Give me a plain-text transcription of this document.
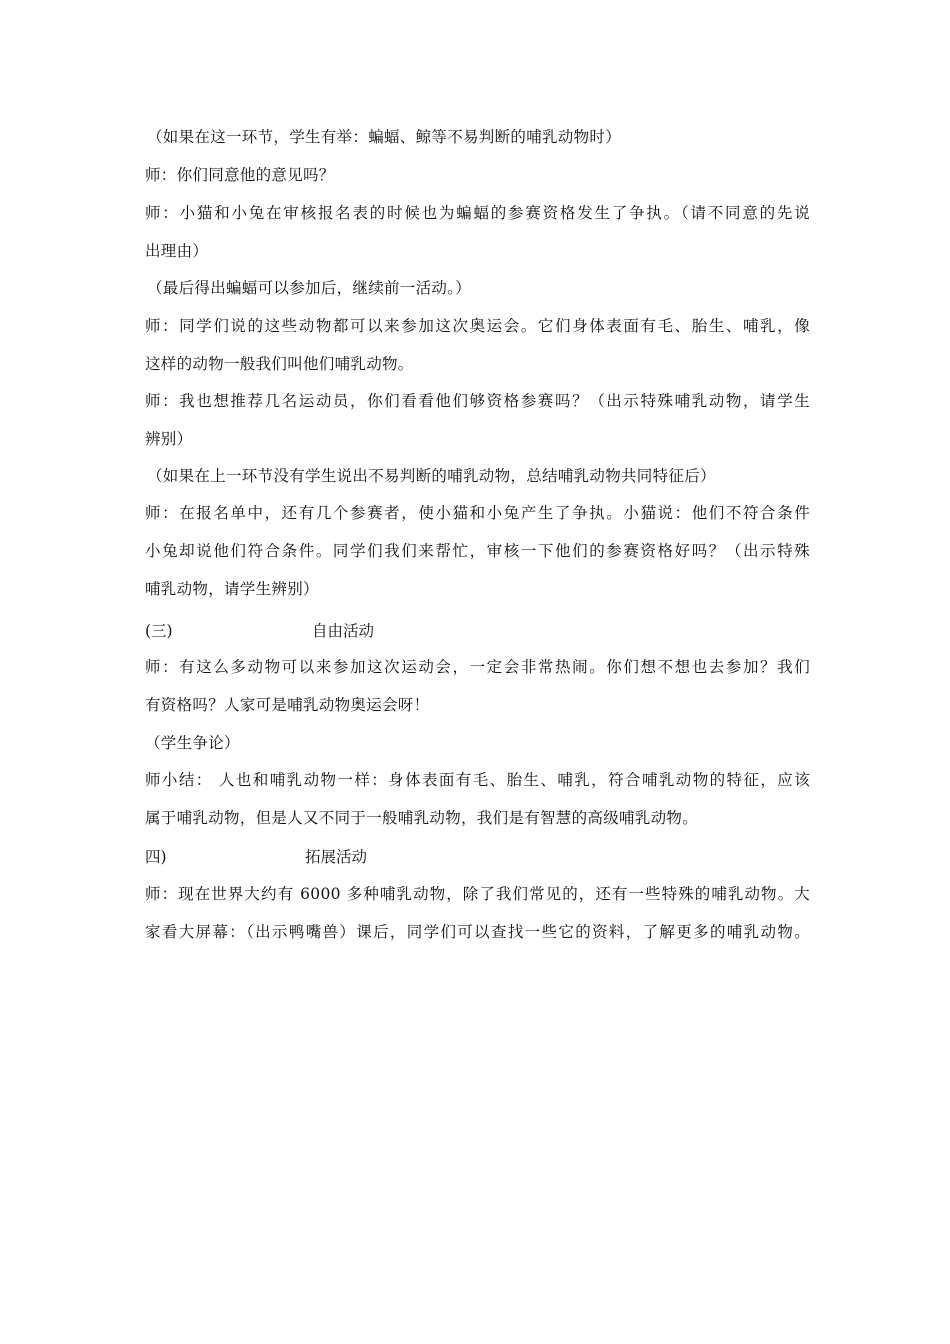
（如果在这一环节，学生有举：蝙蝠、鲸等不易判断的哺乳动物时）
师：你们同意他的意见吗？
师：小猫和小兔在审核报名表的时候也为蝙蝠的参赛资格发生了争执。（请不同意的先说
出理由）
（最后得出蝙蝠可以参加后，继续前一活动。）
师：同学们说的这些动物都可以来参加这次奥运会。它们身体表面有毛、胎生、哺乳，像
这样的动物一般我们叫他们哺乳动物。
师：我也想推荐几名运动员，你们看看他们够资格参赛吗？（出示特殊哺乳动物，请学生
辨别）
（如果在上一环节没有学生说出不易判断的哺乳动物，总结哺乳动物共同特征后）
师：在报名单中，还有几个参赛者，使小猫和小兔产生了争执。小猫说：他们不符合条件
小兔却说他们符合条件。同学们我们来帮忙，审核一下他们的参赛资格好吗？（出示特殊
哺乳动物，请学生辨别）
(三)	自由活动
师：有这么多动物可以来参加这次运动会，一定会非常热闹。你们想不想也去参加？我们
有资格吗？人家可是哺乳动物奥运会呀！
（学生争论）
师小结： 人也和哺乳动物一样：身体表面有毛、胎生、哺乳，符合哺乳动物的特征，应该
属于哺乳动物，但是人又不同于一般哺乳动物，我们是有智慧的高级哺乳动物。
四)	拓展活动
师：现在世界大约有 6000 多种哺乳动物，除了我们常见的，还有一些特殊的哺乳动物。大
家看大屏幕：（出示鸭嘴兽）课后，同学们可以查找一些它的资料，了解更多的哺乳动物。
